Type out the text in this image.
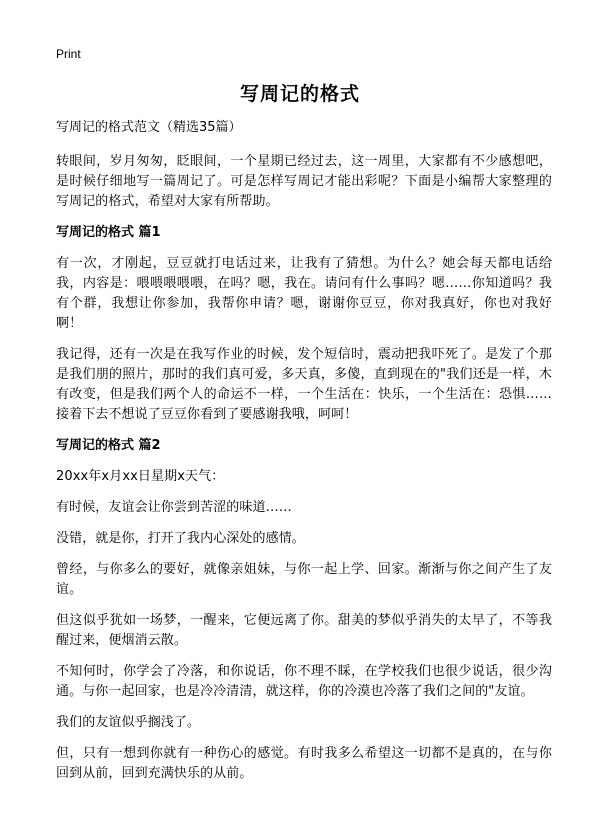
Print
写周记的格式
写周记的格式范文（精选35篇）

转眼间，岁月匆匆，眨眼间，一个星期已经过去，这一周里，大家都有不少感想吧，是时候仔细地写一篇周记了。可是怎样写周记才能出彩呢？下面是小编帮大家整理的写周记的格式，希望对大家有所帮助。

写周记的格式 篇1

有一次，才刚起，豆豆就打电话过来，让我有了猜想。为什么？她会每天都电话给我，内容是：喂喂喂喂喂，在吗？嗯，我在。请问有什么事吗？嗯……你知道吗？我有个群，我想让你参加，我帮你申请？嗯，谢谢你豆豆，你对我真好，你也对我好啊！

我记得，还有一次是在我写作业的时候，发个短信时，震动把我吓死了。是发了个那是我们朋的照片，那时的我们真可爱，多天真，多傻，直到现在的"我们还是一样，木有改变，但是我们两个人的命运不一样，一个生活在：快乐，一个生活在：恐惧……接着下去不想说了豆豆你看到了要感谢我哦，呵呵！

写周记的格式 篇2

20xx年x月xx日星期x天气：

有时候，友谊会让你尝到苦涩的味道……

没错，就是你，打开了我内心深处的感情。

曾经，与你多么的要好，就像亲姐妹，与你一起上学、回家。渐渐与你之间产生了友谊。

但这似乎犹如一场梦，一醒来，它便远离了你。甜美的梦似乎消失的太早了，不等我醒过来，便烟消云散。

不知何时，你学会了冷落，和你说话，你不理不睬，在学校我们也很少说话，很少沟通。与你一起回家，也是冷冷清清，就这样，你的冷漠也冷落了我们之间的"友谊。

我们的友谊似乎搁浅了。

但，只有一想到你就有一种伤心的感觉。有时我多么希望这一切都不是真的，在与你回到从前，回到充满快乐的从前。
